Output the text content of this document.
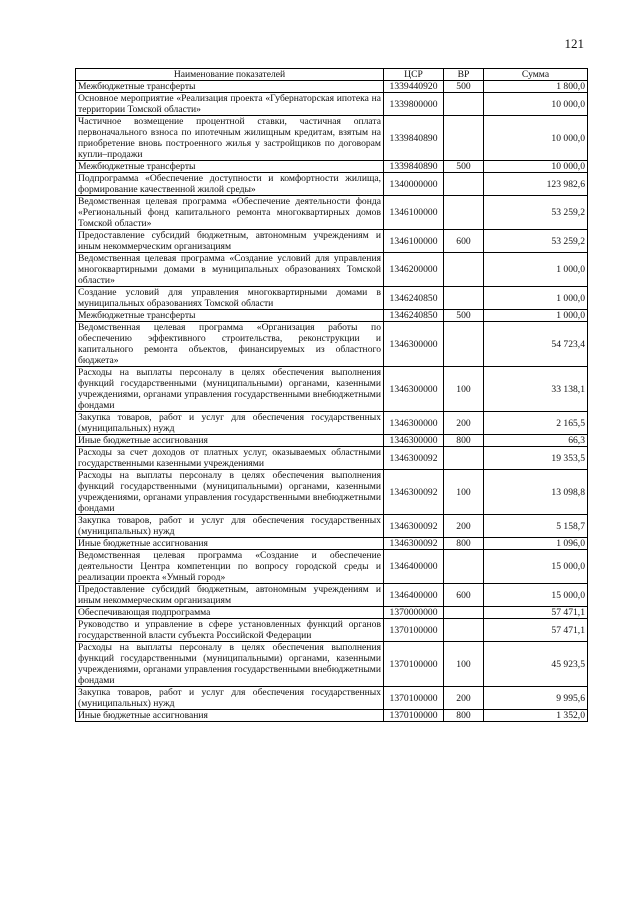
121
Наименование показателей	ЦСР	ВР	Сумма
Межбюджетные трансферты	1339440920	500	1 800,0
Основное мероприятие «Реализация проекта «Губернаторская ипотека на территории Томской области»	1339800000		10 000,0
Частичное возмещение процентной ставки, частичная оплата первоначального взноса по ипотечным жилищным кредитам, взятым на приобретение вновь построенного жилья у застройщиков по договорам купли–продажи	1339840890		10 000,0
Межбюджетные трансферты	1339840890	500	10 000,0
Подпрограмма «Обеспечение доступности и комфортности жилища, формирование качественной жилой среды»	1340000000		123 982,6
Ведомственная целевая программа «Обеспечение деятельности фонда «Региональный фонд капитального ремонта многоквартирных домов Томской области»	1346100000		53 259,2
Предоставление субсидий бюджетным, автономным учреждениям и иным некоммерческим организациям	1346100000	600	53 259,2
Ведомственная целевая программа «Создание условий для управления многоквартирными домами в муниципальных образованиях Томской области»	1346200000		1 000,0
Создание условий для управления многоквартирными домами в муниципальных образованиях Томской области	1346240850		1 000,0
Межбюджетные трансферты	1346240850	500	1 000,0
Ведомственная целевая программа «Организация работы по обеспечению эффективного строительства, реконструкции и капитального ремонта объектов, финансируемых из областного бюджета»	1346300000		54 723,4
Расходы на выплаты персоналу в целях обеспечения выполнения функций государственными (муниципальными) органами, казенными учреждениями, органами управления государственными внебюджетными фондами	1346300000	100	33 138,1
Закупка товаров, работ и услуг для обеспечения государственных (муниципальных) нужд	1346300000	200	2 165,5
Иные бюджетные ассигнования	1346300000	800	66,3
Расходы за счет доходов от платных услуг, оказываемых областными государственными казенными учреждениями	1346300092		19 353,5
Расходы на выплаты персоналу в целях обеспечения выполнения функций государственными (муниципальными) органами, казенными учреждениями, органами управления государственными внебюджетными фондами	1346300092	100	13 098,8
Закупка товаров, работ и услуг для обеспечения государственных (муниципальных) нужд	1346300092	200	5 158,7
Иные бюджетные ассигнования	1346300092	800	1 096,0
Ведомственная целевая программа «Создание и обеспечение деятельности Центра компетенции по вопросу городской среды и реализации проекта «Умный город»	1346400000		15 000,0
Предоставление субсидий бюджетным, автономным учреждениям и иным некоммерческим организациям	1346400000	600	15 000,0
Обеспечивающая подпрограмма	1370000000		57 471,1
Руководство и управление в сфере установленных функций органов государственной власти субъекта Российской Федерации	1370100000		57 471,1
Расходы на выплаты персоналу в целях обеспечения выполнения функций государственными (муниципальными) органами, казенными учреждениями, органами управления государственными внебюджетными фондами	1370100000	100	45 923,5
Закупка товаров, работ и услуг для обеспечения государственных (муниципальных) нужд	1370100000	200	9 995,6
Иные бюджетные ассигнования	1370100000	800	1 352,0
